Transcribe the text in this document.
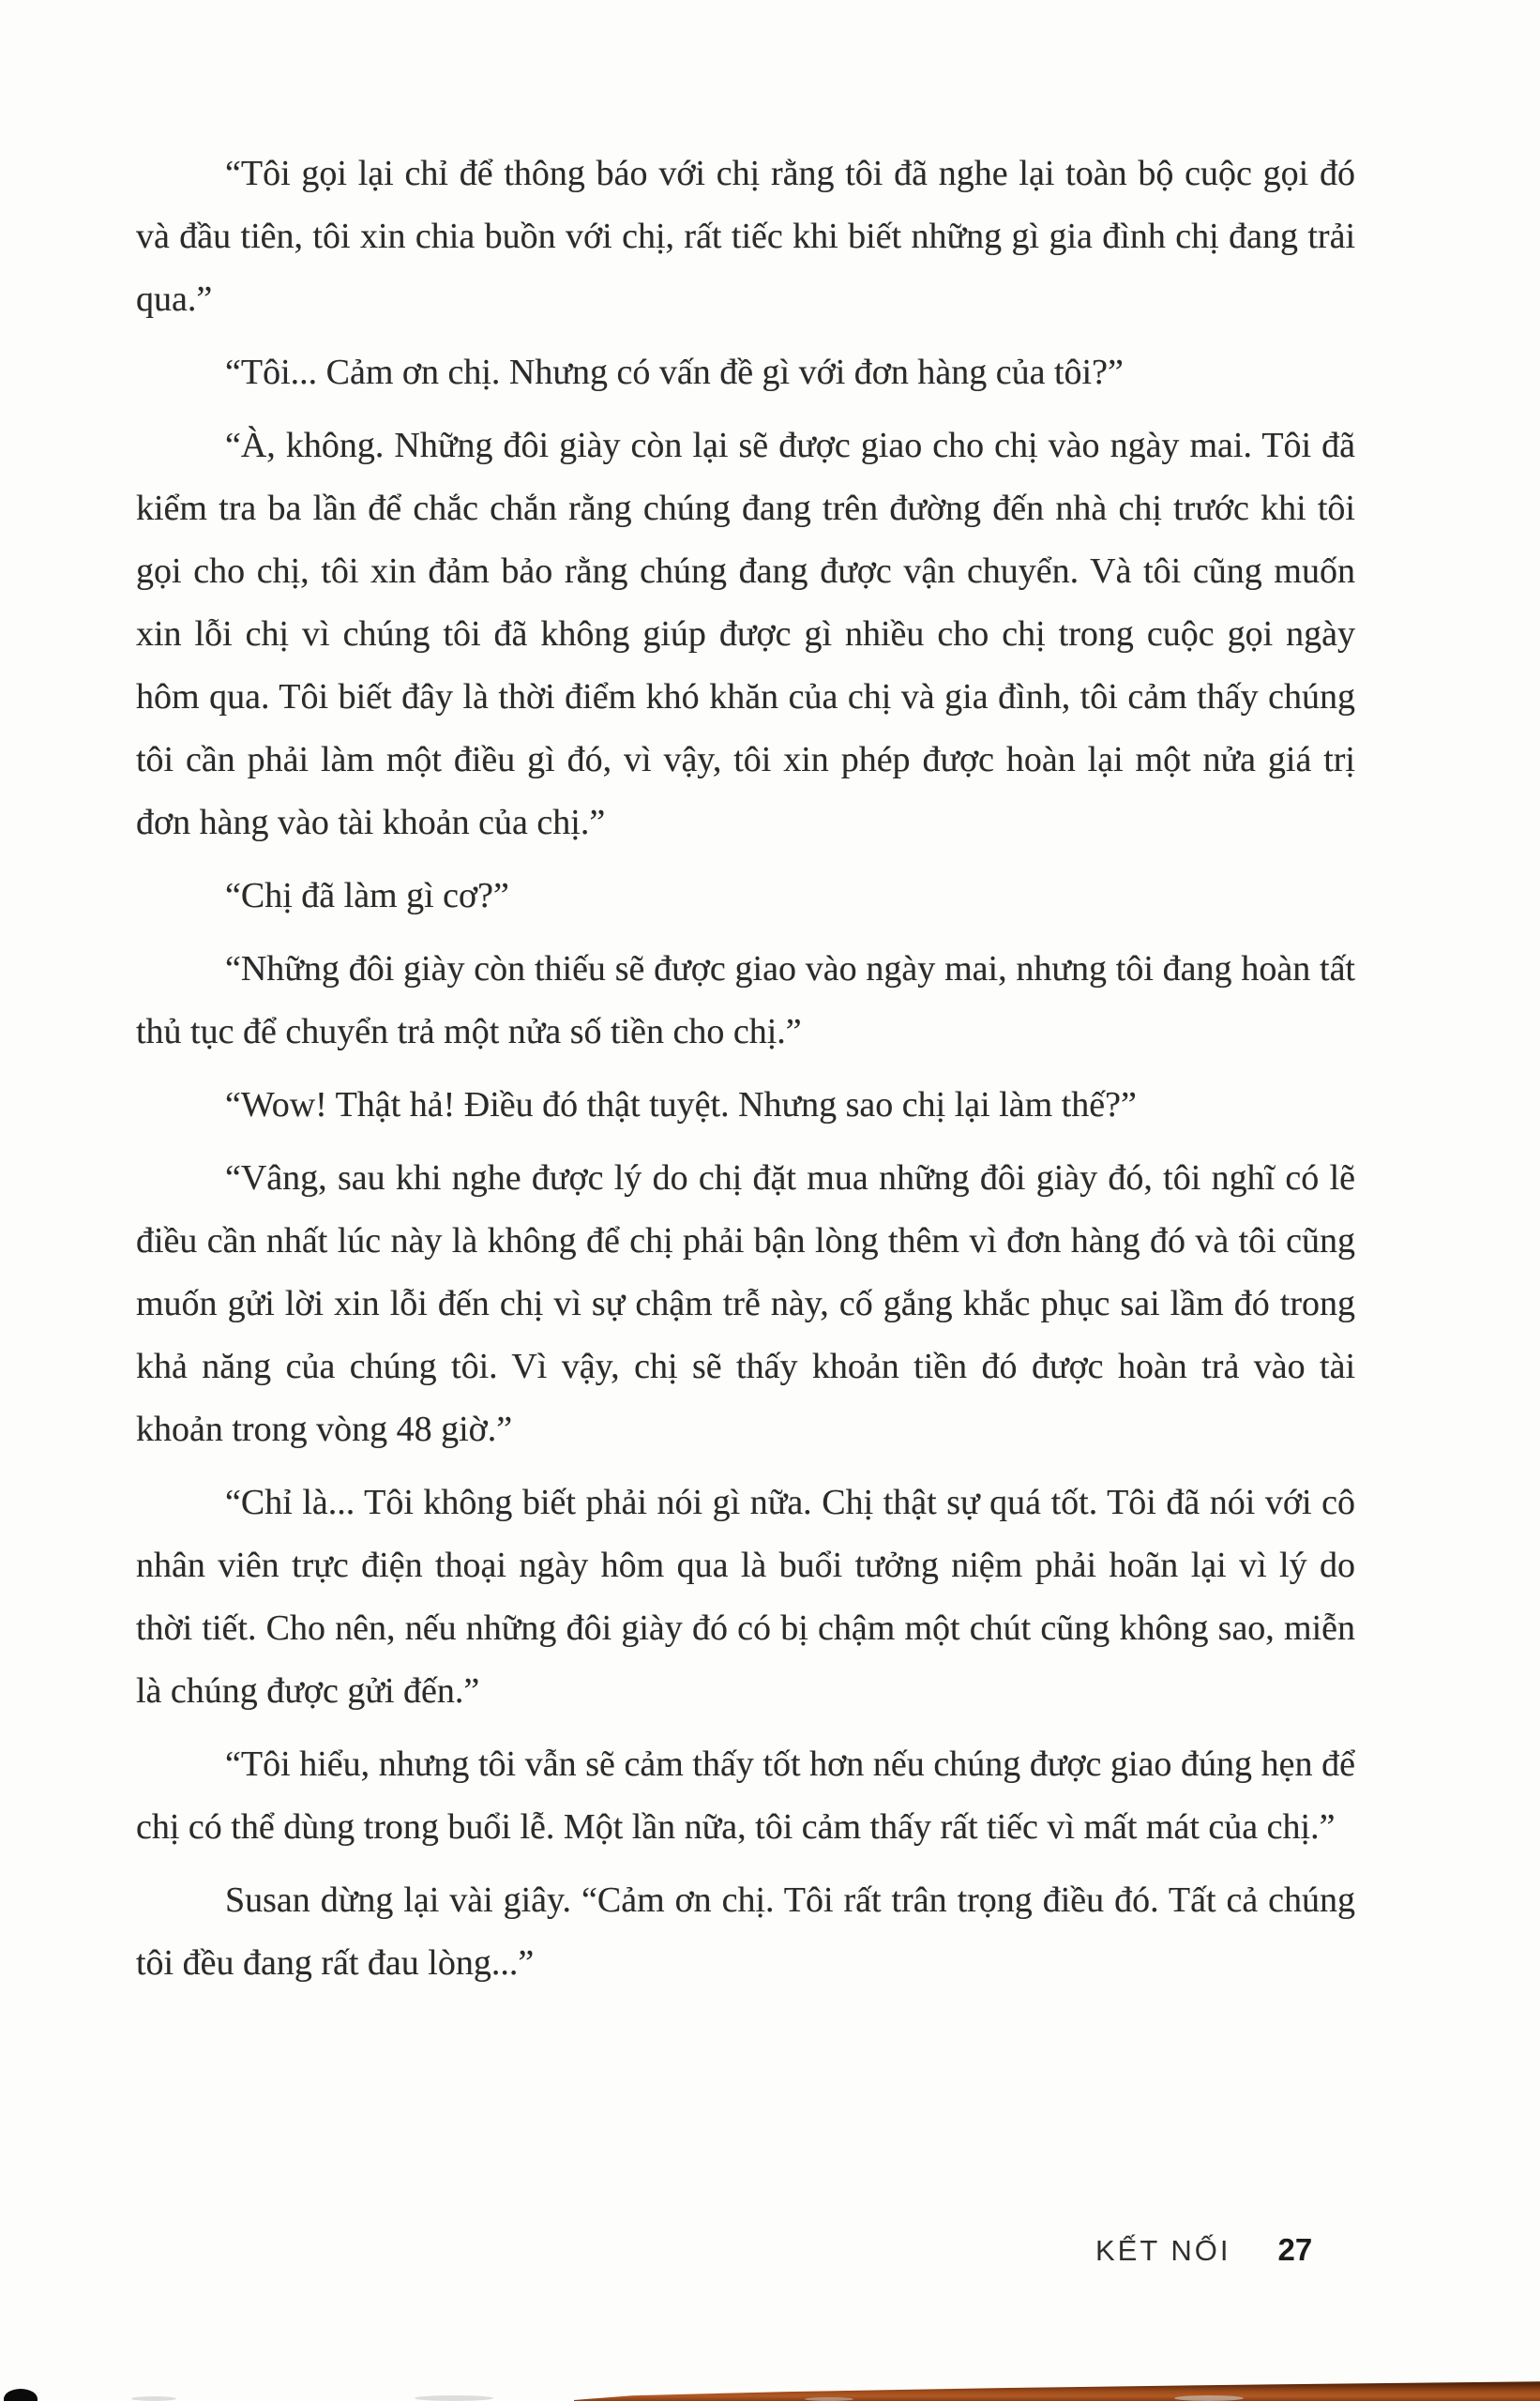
“Tôi gọi lại chỉ để thông báo với chị rằng tôi đã nghe lại toàn bộ cuộc gọi đó và đầu tiên, tôi xin chia buồn với chị, rất tiếc khi biết những gì gia đình chị đang trải qua.”

“Tôi... Cảm ơn chị. Nhưng có vấn đề gì với đơn hàng của tôi?”

“À, không. Những đôi giày còn lại sẽ được giao cho chị vào ngày mai. Tôi đã kiểm tra ba lần để chắc chắn rằng chúng đang trên đường đến nhà chị trước khi tôi gọi cho chị, tôi xin đảm bảo rằng chúng đang được vận chuyển. Và tôi cũng muốn xin lỗi chị vì chúng tôi đã không giúp được gì nhiều cho chị trong cuộc gọi ngày hôm qua. Tôi biết đây là thời điểm khó khăn của chị và gia đình, tôi cảm thấy chúng tôi cần phải làm một điều gì đó, vì vậy, tôi xin phép được hoàn lại một nửa giá trị đơn hàng vào tài khoản của chị.”

“Chị đã làm gì cơ?”

“Những đôi giày còn thiếu sẽ được giao vào ngày mai, nhưng tôi đang hoàn tất thủ tục để chuyển trả một nửa số tiền cho chị.”

“Wow! Thật hả! Điều đó thật tuyệt. Nhưng sao chị lại làm thế?”

“Vâng, sau khi nghe được lý do chị đặt mua những đôi giày đó, tôi nghĩ có lẽ điều cần nhất lúc này là không để chị phải bận lòng thêm vì đơn hàng đó và tôi cũng muốn gửi lời xin lỗi đến chị vì sự chậm trễ này, cố gắng khắc phục sai lầm đó trong khả năng của chúng tôi. Vì vậy, chị sẽ thấy khoản tiền đó được hoàn trả vào tài khoản trong vòng 48 giờ.”

“Chỉ là... Tôi không biết phải nói gì nữa. Chị thật sự quá tốt. Tôi đã nói với cô nhân viên trực điện thoại ngày hôm qua là buổi tưởng niệm phải hoãn lại vì lý do thời tiết. Cho nên, nếu những đôi giày đó có bị chậm một chút cũng không sao, miễn là chúng được gửi đến.”

“Tôi hiểu, nhưng tôi vẫn sẽ cảm thấy tốt hơn nếu chúng được giao đúng hẹn để chị có thể dùng trong buổi lễ. Một lần nữa, tôi cảm thấy rất tiếc vì mất mát của chị.”

Susan dừng lại vài giây. “Cảm ơn chị. Tôi rất trân trọng điều đó. Tất cả chúng tôi đều đang rất đau lòng...”

KẾT NỐI 27
